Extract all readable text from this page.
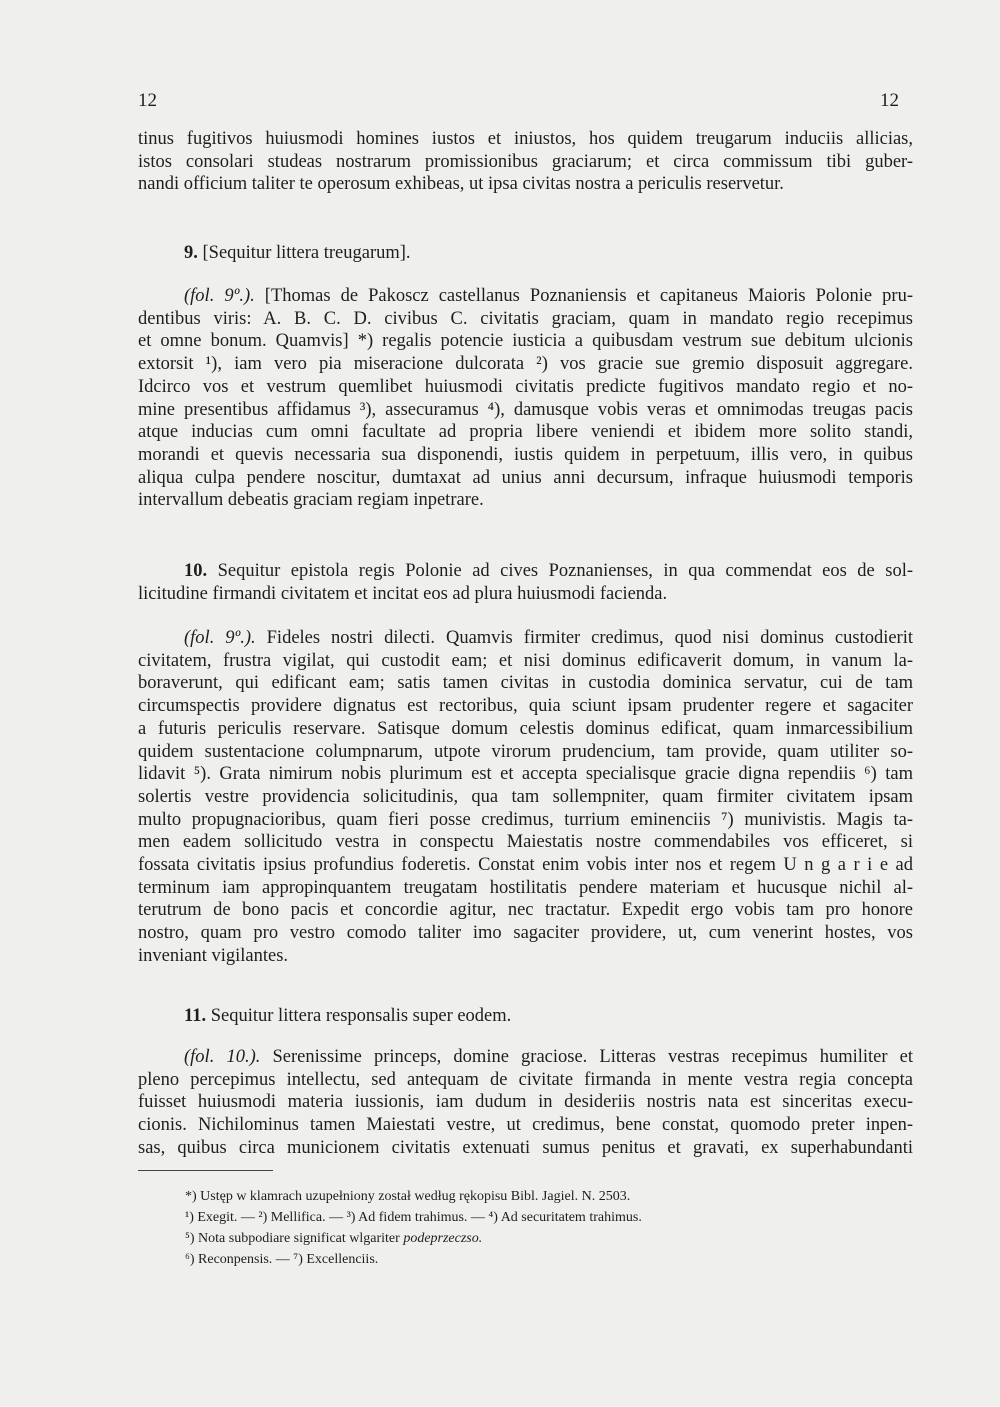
12	12
tinus fugitivos huiusmodi homines iustos et iniustos, hos quidem treugarum induciis allicias,
istos consolari studeas nostrarum promissionibus graciarum; et circa commissum tibi guber-
nandi officium taliter te operosum exhibeas, ut ipsa civitas nostra a periculis reservetur.
9. [Sequitur littera treugarum].
(fol. 9º.). [Thomas de Pakoscz castellanus Poznaniensis et capitaneus Maioris Polonie pru-
dentibus viris: A. B. C. D. civibus C. civitatis graciam, quam in mandato regio recepimus
et omne bonum. Quamvis] *) regalis potencie iusticia a quibusdam vestrum sue debitum ulcionis
extorsit ¹), iam vero pia miseracione dulcorata ²) vos gracie sue gremio disposuit aggregare.
Idcirco vos et vestrum quemlibet huiusmodi civitatis predicte fugitivos mandato regio et no-
mine presentibus affidamus ³), assecuramus ⁴), damusque vobis veras et omnimodas treugas pacis
atque inducias cum omni facultate ad propria libere veniendi et ibidem more solito standi,
morandi et quevis necessaria sua disponendi, iustis quidem in perpetuum, illis vero, in quibus
aliqua culpa pendere noscitur, dumtaxat ad unius anni decursum, infraque huiusmodi temporis
intervallum debeatis graciam regiam inpetrare.
10. Sequitur epistola regis Polonie ad cives Poznanienses, in qua commendat eos de sol-
licitudine firmandi civitatem et incitat eos ad plura huiusmodi facienda.
(fol. 9º.). Fideles nostri dilecti. Quamvis firmiter credimus, quod nisi dominus custodierit
civitatem, frustra vigilat, qui custodit eam; et nisi dominus edificaverit domum, in vanum la-
boraverunt, qui edificant eam; satis tamen civitas in custodia dominica servatur, cui de tam
circumspectis providere dignatus est rectoribus, quia sciunt ipsam prudenter regere et sagaciter
a futuris periculis reservare. Satisque domum celestis dominus edificat, quam inmarcessibilium
quidem sustentacione columpnarum, utpote virorum prudencium, tam provide, quam utiliter so-
lidavit ⁵). Grata nimirum nobis plurimum est et accepta specialisque gracie digna rependiis ⁶) tam
solertis vestre providencia solicitudinis, qua tam sollempniter, quam firmiter civitatem ipsam
multo propugnacioribus, quam fieri posse credimus, turrium eminenciis ⁷) munivistis. Magis ta-
men eadem sollicitudo vestra in conspectu Maiestatis nostre commendabiles vos efficeret, si
fossata civitatis ipsius profundius foderetis. Constat enim vobis inter nos et regem U n g a r i e ad
terminum iam appropinquantem treugatam hostilitatis pendere materiam et hucusque nichil al-
terutrum de bono pacis et concordie agitur, nec tractatur. Expedit ergo vobis tam pro honore
nostro, quam pro vestro comodo taliter imo sagaciter providere, ut, cum venerint hostes, vos
inveniant vigilantes.
11. Sequitur littera responsalis super eodem.
(fol. 10.). Serenissime princeps, domine graciose. Litteras vestras recepimus humiliter et
pleno percepimus intellectu, sed antequam de civitate firmanda in mente vestra regia concepta
fuisset huiusmodi materia iussionis, iam dudum in desideriis nostris nata est sinceritas execu-
cionis. Nichilominus tamen Maiestati vestre, ut credimus, bene constat, quomodo preter inpen-
sas, quibus circa municionem civitatis extenuati sumus penitus et gravati, ex superhabundanti
*) Ustęp w klamrach uzupełniony został według rękopisu Bibl. Jagiel. N. 2503.
¹) Exegit. — ²) Mellifica. — ³) Ad fidem trahimus. — ⁴) Ad securitatem trahimus.
⁵) Nota subpodiare significat wlgariter podeprzeczso.
⁶) Reconpensis. — ⁷) Excellenciis.
